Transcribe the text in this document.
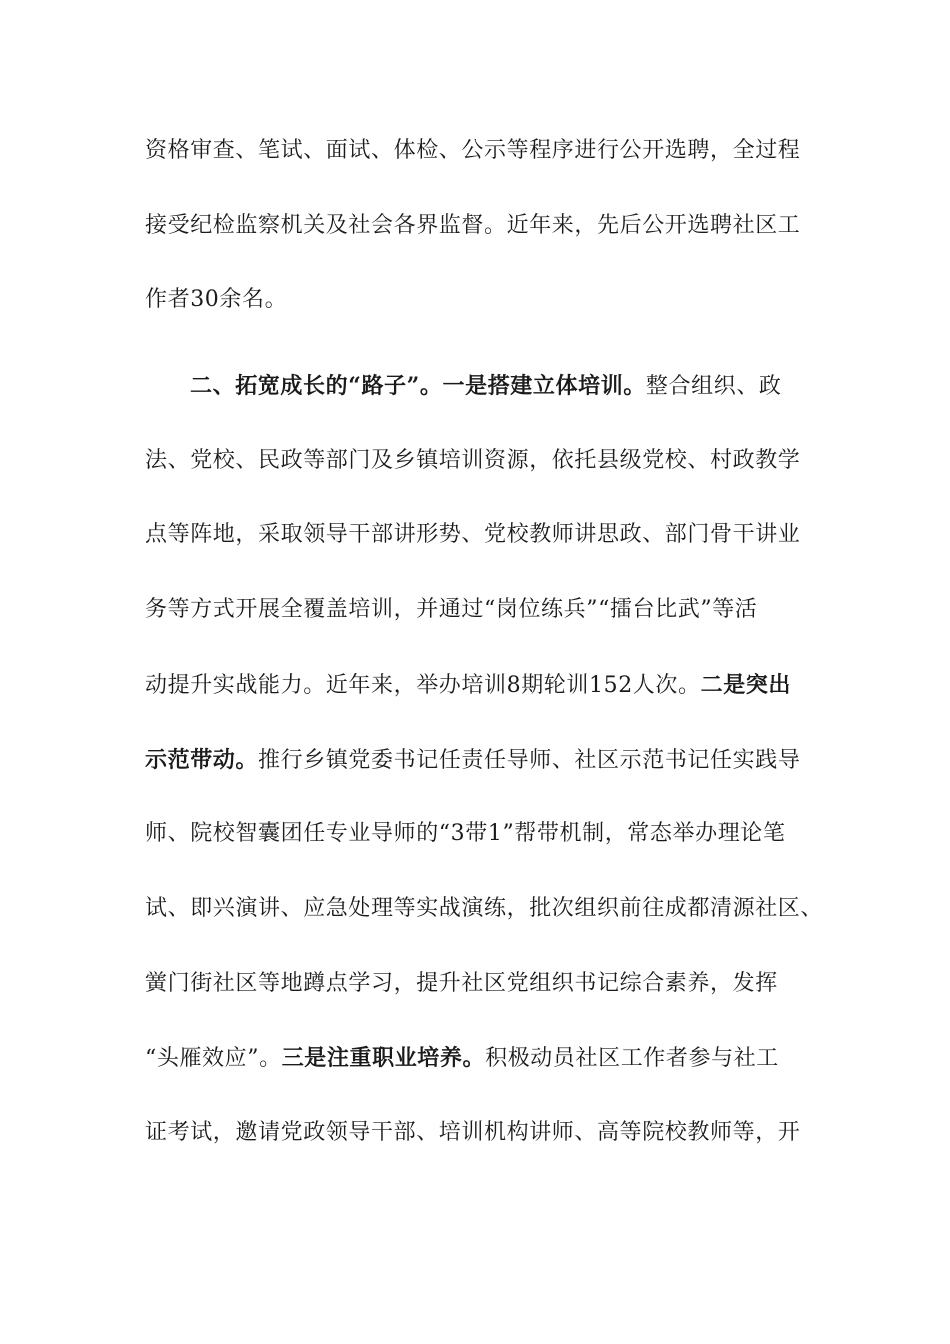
资格审查、笔试、面试、体检、公示等程序进行公开选聘，全过程
接受纪检监察机关及社会各界监督。近年来，先后公开选聘社区工
作者30余名。
二、拓宽成长的“路子”。一是搭建立体培训。整合组织、政
法、党校、民政等部门及乡镇培训资源，依托县级党校、村政教学
点等阵地，采取领导干部讲形势、党校教师讲思政、部门骨干讲业
务等方式开展全覆盖培训，并通过“岗位练兵”“擂台比武”等活
动提升实战能力。近年来，举办培训8期轮训152人次。二是突出
示范带动。推行乡镇党委书记任责任导师、社区示范书记任实践导
师、院校智囊团任专业导师的“3带1”帮带机制，常态举办理论笔
试、即兴演讲、应急处理等实战演练，批次组织前往成都清源社区、
黉门街社区等地蹲点学习，提升社区党组织书记综合素养，发挥
“头雁效应”。三是注重职业培养。积极动员社区工作者参与社工
证考试，邀请党政领导干部、培训机构讲师、高等院校教师等，开
